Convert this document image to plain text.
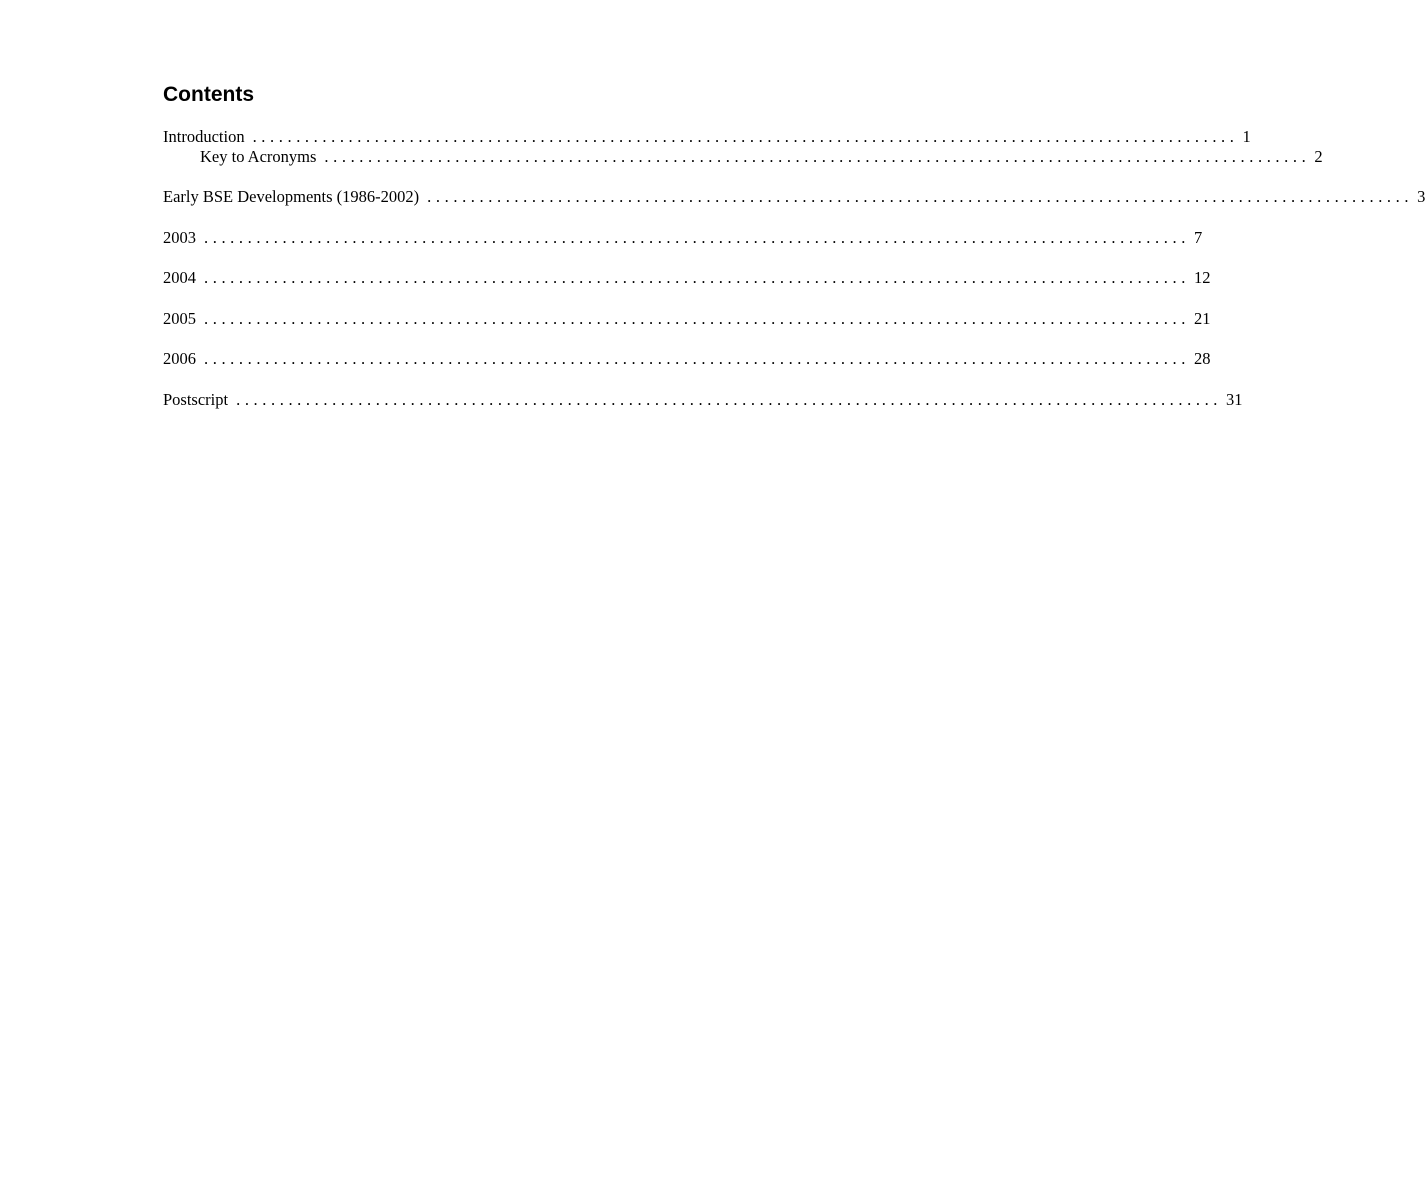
Contents
Introduction ................................................................................................................. 1
Key to Acronyms ................................................................................................................. 2
Early BSE Developments (1986-2002) ................................................................................................................. 3
2003 ................................................................................................................. 7
2004 ................................................................................................................. 12
2005 ................................................................................................................. 21
2006 ................................................................................................................. 28
Postscript ................................................................................................................. 31
